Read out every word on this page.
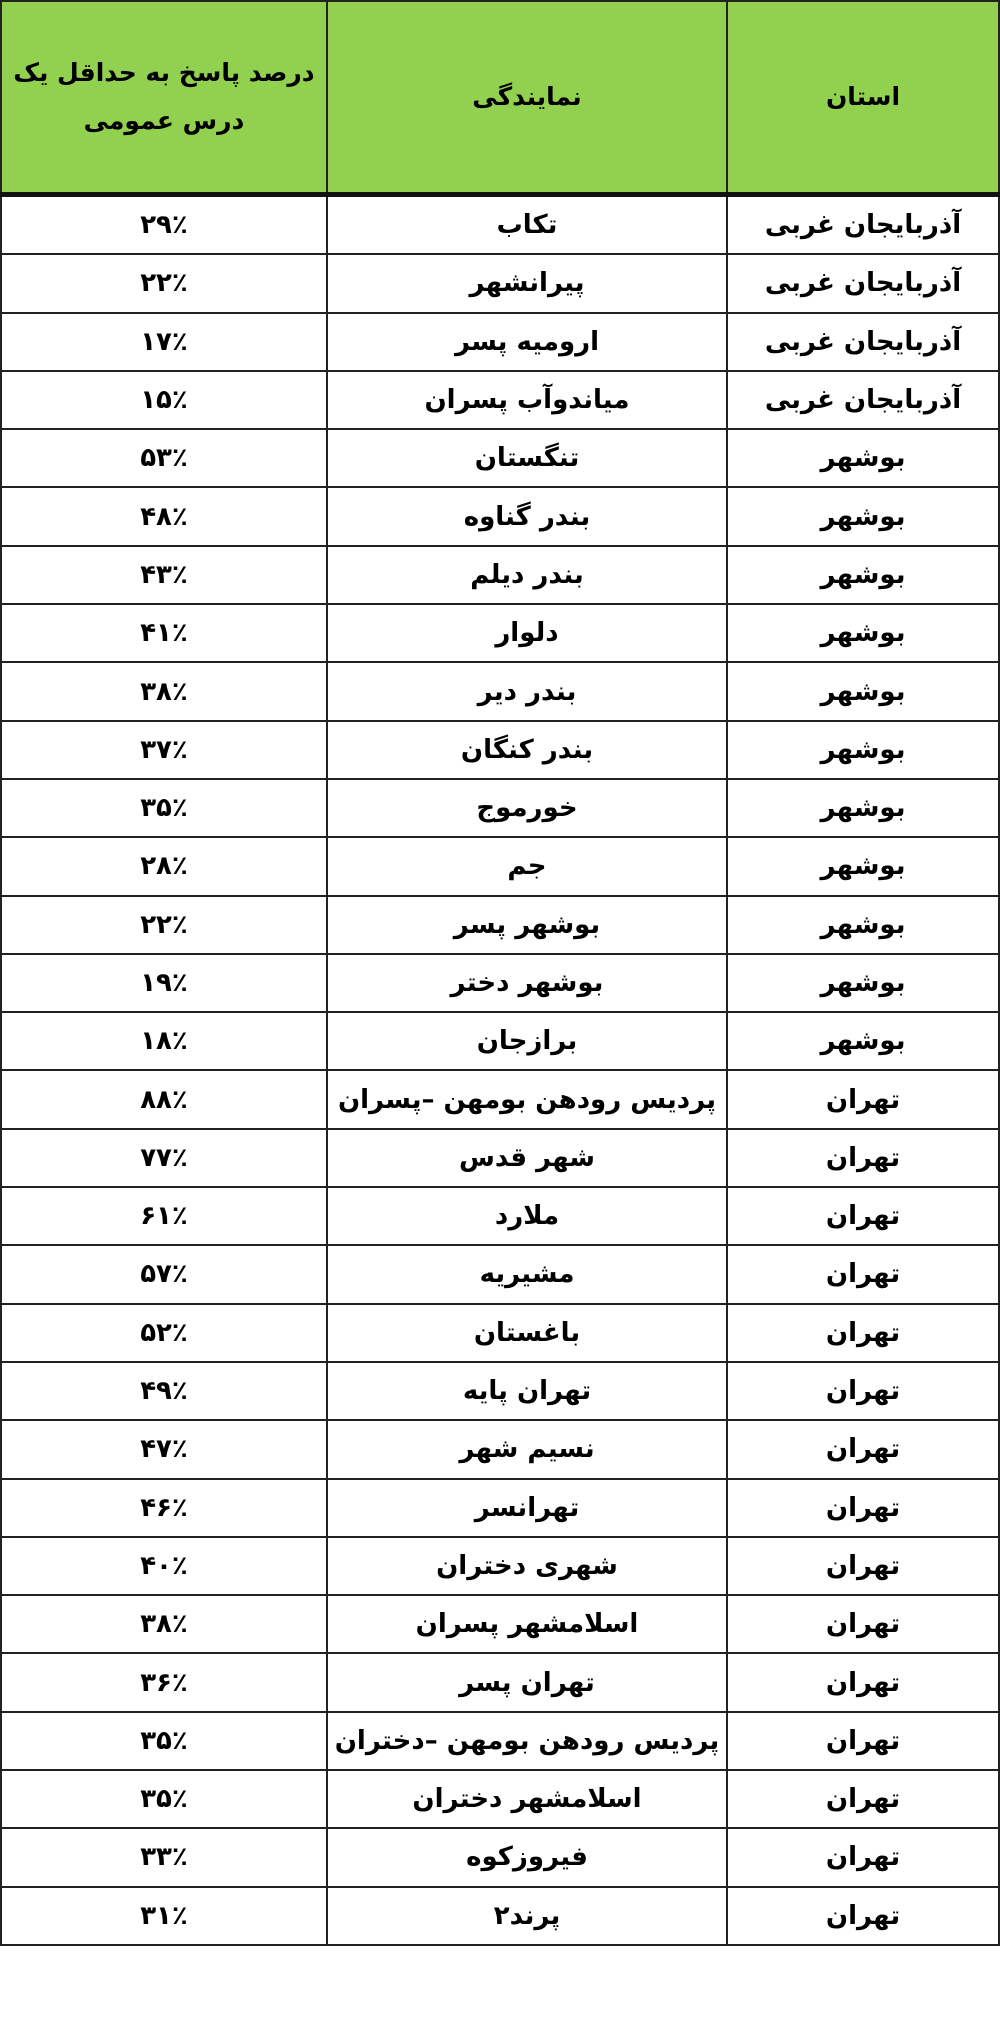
استان	نمایندگی	درصد پاسخ به حداقل یک درس عمومی
آذربایجان غربی	تکاب	۲۹٪
آذربایجان غربی	پیرانشهر	۲۲٪
آذربایجان غربی	ارومیه پسر	۱۷٪
آذربایجان غربی	میاندوآب پسران	۱۵٪
بوشهر	تنگستان	۵۳٪
بوشهر	بندر گناوه	۴۸٪
بوشهر	بندر دیلم	۴۳٪
بوشهر	دلوار	۴۱٪
بوشهر	بندر دیر	۳۸٪
بوشهر	بندر کنگان	۳۷٪
بوشهر	خورموج	۳۵٪
بوشهر	جم	۲۸٪
بوشهر	بوشهر پسر	۲۲٪
بوشهر	بوشهر دختر	۱۹٪
بوشهر	برازجان	۱۸٪
تهران	پردیس رودهن بومهن –پسران	۸۸٪
تهران	شهر قدس	۷۷٪
تهران	ملارد	۶۱٪
تهران	مشیریه	۵۷٪
تهران	باغستان	۵۲٪
تهران	تهران پایه	۴۹٪
تهران	نسیم شهر	۴۷٪
تهران	تهرانسر	۴۶٪
تهران	شهری دختران	۴۰٪
تهران	اسلامشهر پسران	۳۸٪
تهران	تهران پسر	۳۶٪
تهران	پردیس رودهن بومهن –دختران	۳۵٪
تهران	اسلامشهر دختران	۳۵٪
تهران	فیروزکوه	۳۳٪
تهران	پرند۲	۳۱٪
